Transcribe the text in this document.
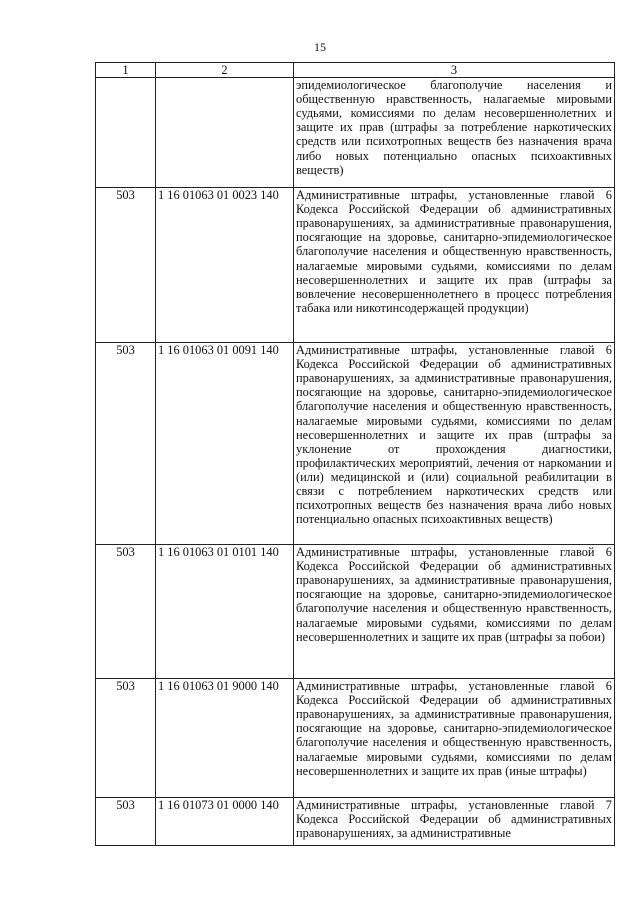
15
1	2	3
		эпидемиологическое благополучие населения и общественную нравственность, налагаемые мировыми судьями, комиссиями по делам несовершеннолетних и защите их прав (штрафы за потребление наркотических средств или психотропных веществ без назначения врача либо новых потенциально опасных психоактивных веществ)
503	1 16 01063 01 0023 140	Административные штрафы, установленные главой 6 Кодекса Российской Федерации об административных правонарушениях, за административные правонарушения, посягающие на здоровье, санитарно-эпидемиологическое благополучие населения и общественную нравственность, налагаемые мировыми судьями, комиссиями по делам несовершеннолетних и защите их прав (штрафы за вовлечение несовершеннолетнего в процесс потребления табака или никотинсодержащей продукции)
503	1 16 01063 01 0091 140	Административные штрафы, установленные главой 6 Кодекса Российской Федерации об административных правонарушениях, за административные правонарушения, посягающие на здоровье, санитарно-эпидемиологическое благополучие населения и общественную нравственность, налагаемые мировыми судьями, комиссиями по делам несовершеннолетних и защите их прав (штрафы за уклонение от прохождения диагностики, профилактических мероприятий, лечения от наркомании и (или) медицинской и (или) социальной реабилитации в связи с потреблением наркотических средств или психотропных веществ без назначения врача либо новых потенциально опасных психоактивных веществ)
503	1 16 01063 01 0101 140	Административные штрафы, установленные главой 6 Кодекса Российской Федерации об административных правонарушениях, за административные правонарушения, посягающие на здоровье, санитарно-эпидемиологическое благополучие населения и общественную нравственность, налагаемые мировыми судьями, комиссиями по делам несовершеннолетних и защите их прав (штрафы за побои)
503	1 16 01063 01 9000 140	Административные штрафы, установленные главой 6 Кодекса Российской Федерации об административных правонарушениях, за административные правонарушения, посягающие на здоровье, санитарно-эпидемиологическое благополучие населения и общественную нравственность, налагаемые мировыми судьями, комиссиями по делам несовершеннолетних и защите их прав (иные штрафы)
503	1 16 01073 01 0000 140	Административные штрафы, установленные главой 7 Кодекса Российской Федерации об административных правонарушениях, за административные
